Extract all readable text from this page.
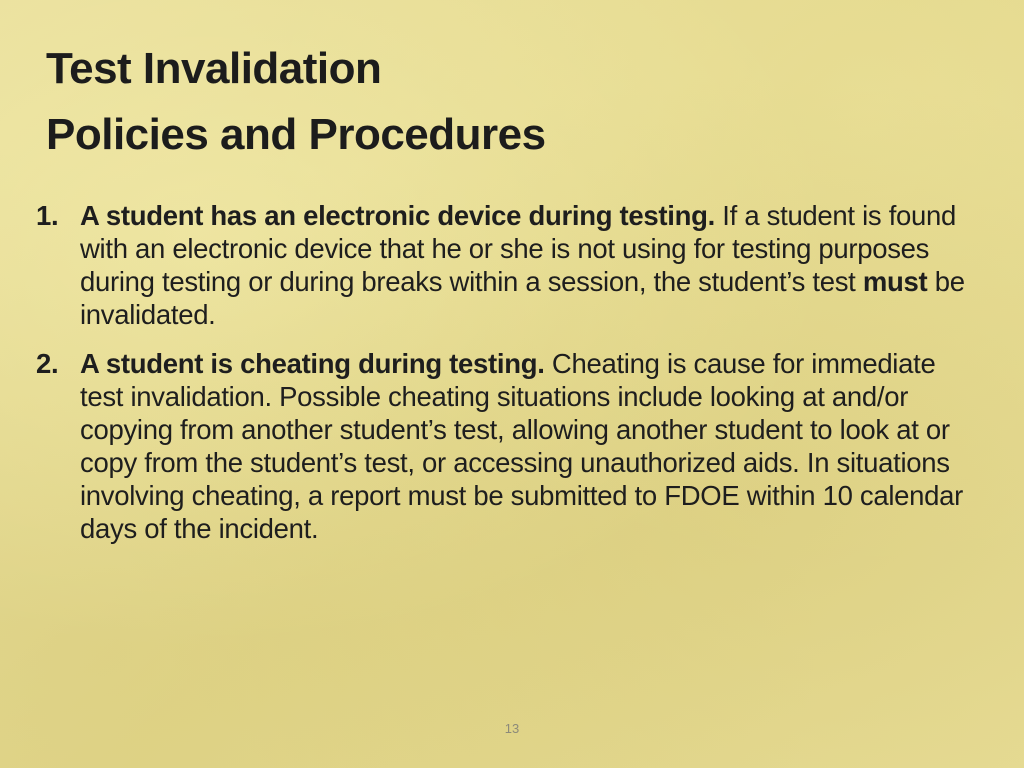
Test Invalidation
Policies and Procedures
1. A student has an electronic device during testing. If a student is found with an electronic device that he or she is not using for testing purposes during testing or during breaks within a session, the student’s test must be invalidated.
2. A student is cheating during testing. Cheating is cause for immediate test invalidation. Possible cheating situations include looking at and/or copying from another student’s test, allowing another student to look at or copy from the student’s test, or accessing unauthorized aids. In situations involving cheating, a report must be submitted to FDOE within 10 calendar days of the incident.
13
